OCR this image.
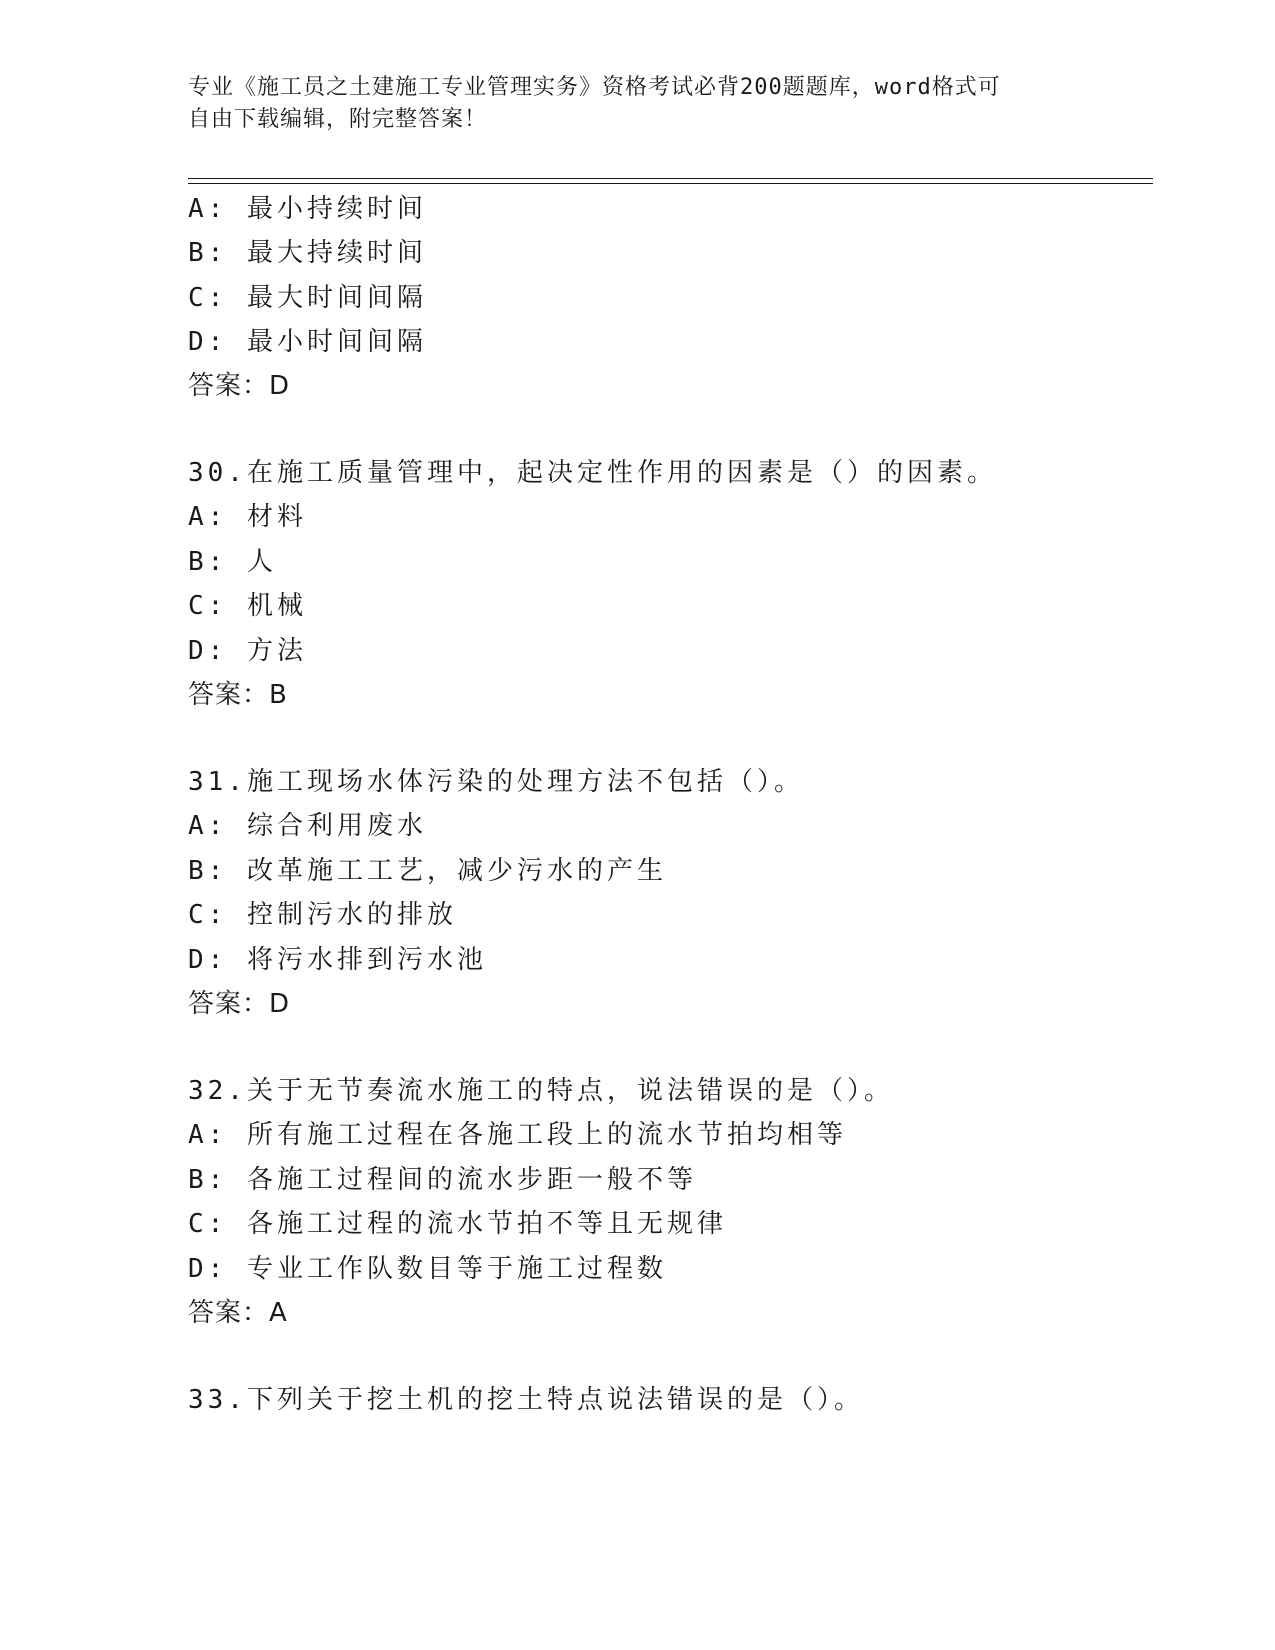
专业《施工员之土建施工专业管理实务》资格考试必背200题题库，word格式可
自由下载编辑，附完整答案！
A: 最小持续时间
B: 最大持续时间
C: 最大时间间隔
D: 最小时间间隔
答案：D
30.在施工质量管理中，起决定性作用的因素是（）的因素。
A: 材料
B: 人
C: 机械
D: 方法
答案：B
31.施工现场水体污染的处理方法不包括（）。
A: 综合利用废水
B: 改革施工工艺，减少污水的产生
C: 控制污水的排放
D: 将污水排到污水池
答案：D
32.关于无节奏流水施工的特点，说法错误的是（）。
A: 所有施工过程在各施工段上的流水节拍均相等
B: 各施工过程间的流水步距一般不等
C: 各施工过程的流水节拍不等且无规律
D: 专业工作队数目等于施工过程数
答案：A
33.下列关于挖土机的挖土特点说法错误的是（）。
